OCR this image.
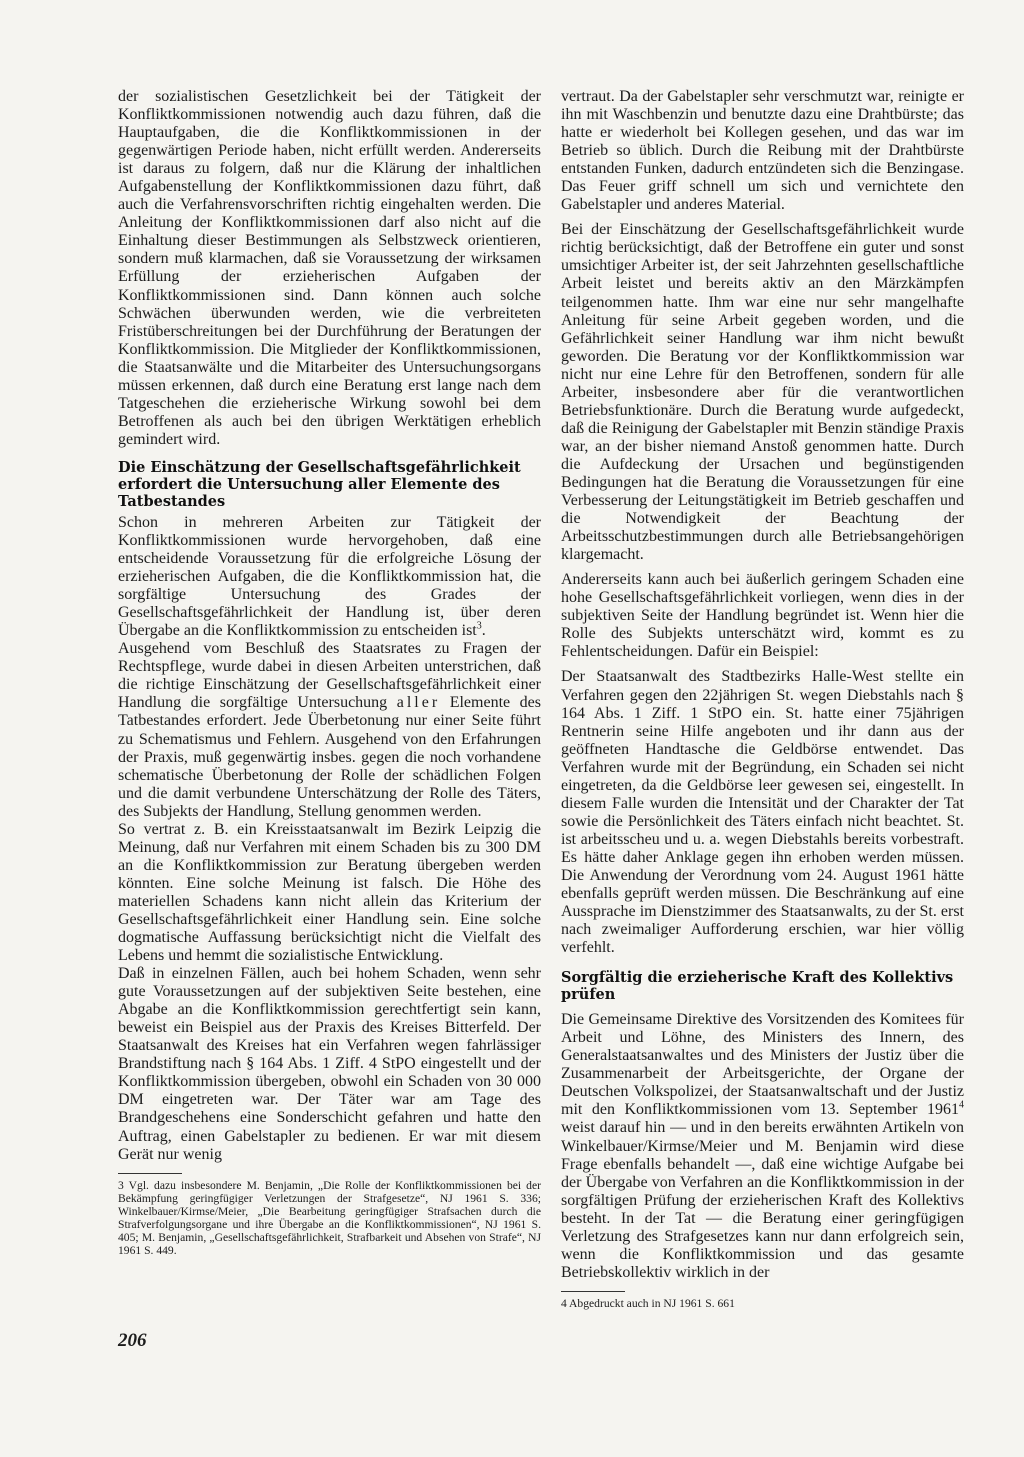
der sozialistischen Gesetzlichkeit bei der Tätigkeit der Konfliktkommissionen notwendig auch dazu führen, daß die Hauptaufgaben, die die Konfliktkommissionen in der gegenwärtigen Periode haben, nicht erfüllt werden. Andererseits ist daraus zu folgern, daß nur die Klärung der inhaltlichen Aufgabenstellung der Konfliktkommissionen dazu führt, daß auch die Verfahrensvorschriften richtig eingehalten werden. Die Anleitung der Konfliktkommissionen darf also nicht auf die Einhaltung dieser Bestimmungen als Selbstzweck orientieren, sondern muß klarmachen, daß sie Voraussetzung der wirksamen Erfüllung der erzieherischen Aufgaben der Konfliktkommissionen sind. Dann können auch solche Schwächen überwunden werden, wie die verbreiteten Fristüberschreitungen bei der Durchführung der Beratungen der Konfliktkommission. Die Mitglieder der Konfliktkommissionen, die Staatsanwälte und die Mitarbeiter des Untersuchungsorgans müssen erkennen, daß durch eine Beratung erst lange nach dem Tatgeschehen die erzieherische Wirkung sowohl bei dem Betroffenen als auch bei den übrigen Werktätigen erheblich gemindert wird.

Die Einschätzung der Gesellschaftsgefährlichkeit erfordert die Untersuchung aller Elemente des Tatbestandes

Schon in mehreren Arbeiten zur Tätigkeit der Konfliktkommissionen wurde hervorgehoben, daß eine entscheidende Voraussetzung für die erfolgreiche Lösung der erzieherischen Aufgaben, die die Konfliktkommission hat, die sorgfältige Untersuchung des Grades der Gesellschaftsgefährlichkeit der Handlung ist, über deren Übergabe an die Konfliktkommission zu entscheiden ist$^3$.

Ausgehend vom Beschluß des Staatsrates zu Fragen der Rechtspflege, wurde dabei in diesen Arbeiten unterstrichen, daß die richtige Einschätzung der Gesellschaftsgefährlichkeit einer Handlung die sorgfältige Untersuchung aller Elemente des Tatbestandes erfordert. Jede Überbetonung nur einer Seite führt zu Schematismus und Fehlern. Ausgehend von den Erfahrungen der Praxis, muß gegenwärtig insbes. gegen die noch vorhandene schematische Überbetonung der Rolle der schädlichen Folgen und die damit verbundene Unterschätzung der Rolle des Täters, des Subjekts der Handlung, Stellung genommen werden.

So vertrat z. B. ein Kreisstaatsanwalt im Bezirk Leipzig die Meinung, daß nur Verfahren mit einem Schaden bis zu 300 DM an die Konfliktkommission zur Beratung übergeben werden könnten. Eine solche Meinung ist falsch. Die Höhe des materiellen Schadens kann nicht allein das Kriterium der Gesellschaftsgefährlichkeit einer Handlung sein. Eine solche dogmatische Auffassung berücksichtigt nicht die Vielfalt des Lebens und hemmt die sozialistische Entwicklung.

Daß in einzelnen Fällen, auch bei hohem Schaden, wenn sehr gute Voraussetzungen auf der subjektiven Seite bestehen, eine Abgabe an die Konfliktkommission gerechtfertigt sein kann, beweist ein Beispiel aus der Praxis des Kreises Bitterfeld. Der Staatsanwalt des Kreises hat ein Verfahren wegen fahrlässiger Brandstiftung nach § 164 Abs. 1 Ziff. 4 StPO eingestellt und der Konfliktkommission übergeben, obwohl ein Schaden von 30 000 DM eingetreten war. Der Täter war am Tage des Brandgeschehens eine Sonderschicht gefahren und hatte den Auftrag, einen Gabelstapler zu bedienen. Er war mit diesem Gerät nur wenig

3 Vgl. dazu insbesondere M. Benjamin, „Die Rolle der Konfliktkommissionen bei der Bekämpfung geringfügiger Verletzungen der Strafgesetze“, NJ 1961 S. 336; Winkelbauer/Kirmse/Meier, „Die Bearbeitung geringfügiger Strafsachen durch die Strafverfolgungsorgane und ihre Übergabe an die Konfliktkommissionen“, NJ 1961 S. 405; M. Benjamin, „Gesellschaftsgefährlichkeit, Strafbarkeit und Absehen von Strafe“, NJ 1961 S. 449.

vertraut. Da der Gabelstapler sehr verschmutzt war, reinigte er ihn mit Waschbenzin und benutzte dazu eine Drahtbürste; das hatte er wiederholt bei Kollegen gesehen, und das war im Betrieb so üblich. Durch die Reibung mit der Drahtbürste entstanden Funken, dadurch entzündeten sich die Benzingase. Das Feuer griff schnell um sich und vernichtete den Gabelstapler und anderes Material.

Bei der Einschätzung der Gesellschaftsgefährlichkeit wurde richtig berücksichtigt, daß der Betroffene ein guter und sonst umsichtiger Arbeiter ist, der seit Jahrzehnten gesellschaftliche Arbeit leistet und bereits aktiv an den Märzkämpfen teilgenommen hatte. Ihm war eine nur sehr mangelhafte Anleitung für seine Arbeit gegeben worden, und die Gefährlichkeit seiner Handlung war ihm nicht bewußt geworden. Die Beratung vor der Konfliktkommission war nicht nur eine Lehre für den Betroffenen, sondern für alle Arbeiter, insbesondere aber für die verantwortlichen Betriebsfunktionäre. Durch die Beratung wurde aufgedeckt, daß die Reinigung der Gabelstapler mit Benzin ständige Praxis war, an der bisher niemand Anstoß genommen hatte. Durch die Aufdeckung der Ursachen und begünstigenden Bedingungen hat die Beratung die Voraussetzungen für eine Verbesserung der Leitungstätigkeit im Betrieb geschaffen und die Notwendigkeit der Beachtung der Arbeitsschutzbestimmungen durch alle Betriebsangehörigen klargemacht.

Andererseits kann auch bei äußerlich geringem Schaden eine hohe Gesellschaftsgefährlichkeit vorliegen, wenn dies in der subjektiven Seite der Handlung begründet ist. Wenn hier die Rolle des Subjekts unterschätzt wird, kommt es zu Fehlentscheidungen. Dafür ein Beispiel:

Der Staatsanwalt des Stadtbezirks Halle-West stellte ein Verfahren gegen den 22jährigen St. wegen Diebstahls nach § 164 Abs. 1 Ziff. 1 StPO ein. St. hatte einer 75jährigen Rentnerin seine Hilfe angeboten und ihr dann aus der geöffneten Handtasche die Geldbörse entwendet. Das Verfahren wurde mit der Begründung, ein Schaden sei nicht eingetreten, da die Geldbörse leer gewesen sei, eingestellt. In diesem Falle wurden die Intensität und der Charakter der Tat sowie die Persönlichkeit des Täters einfach nicht beachtet. St. ist arbeitsscheu und u. a. wegen Diebstahls bereits vorbestraft. Es hätte daher Anklage gegen ihn erhoben werden müssen. Die Anwendung der Verordnung vom 24. August 1961 hätte ebenfalls geprüft werden müssen. Die Beschränkung auf eine Aussprache im Dienstzimmer des Staatsanwalts, zu der St. erst nach zweimaliger Aufforderung erschien, war hier völlig verfehlt.

Sorgfältig die erzieherische Kraft des Kollektivs prüfen

Die Gemeinsame Direktive des Vorsitzenden des Komitees für Arbeit und Löhne, des Ministers des Innern, des Generalstaatsanwaltes und des Ministers der Justiz über die Zusammenarbeit der Arbeitsgerichte, der Organe der Deutschen Volkspolizei, der Staatsanwaltschaft und der Justiz mit den Konfliktkommissionen vom 13. September 1961$^4$ weist darauf hin — und in den bereits erwähnten Artikeln von Winkelbauer/Kirmse/Meier und M. Benjamin wird diese Frage ebenfalls behandelt —, daß eine wichtige Aufgabe bei der Übergabe von Verfahren an die Konfliktkommission in der sorgfältigen Prüfung der erzieherischen Kraft des Kollektivs besteht. In der Tat — die Beratung einer geringfügigen Verletzung des Strafgesetzes kann nur dann erfolgreich sein, wenn die Konfliktkommission und das gesamte Betriebskollektiv wirklich in der

4 Abgedruckt auch in NJ 1961 S. 661

206
